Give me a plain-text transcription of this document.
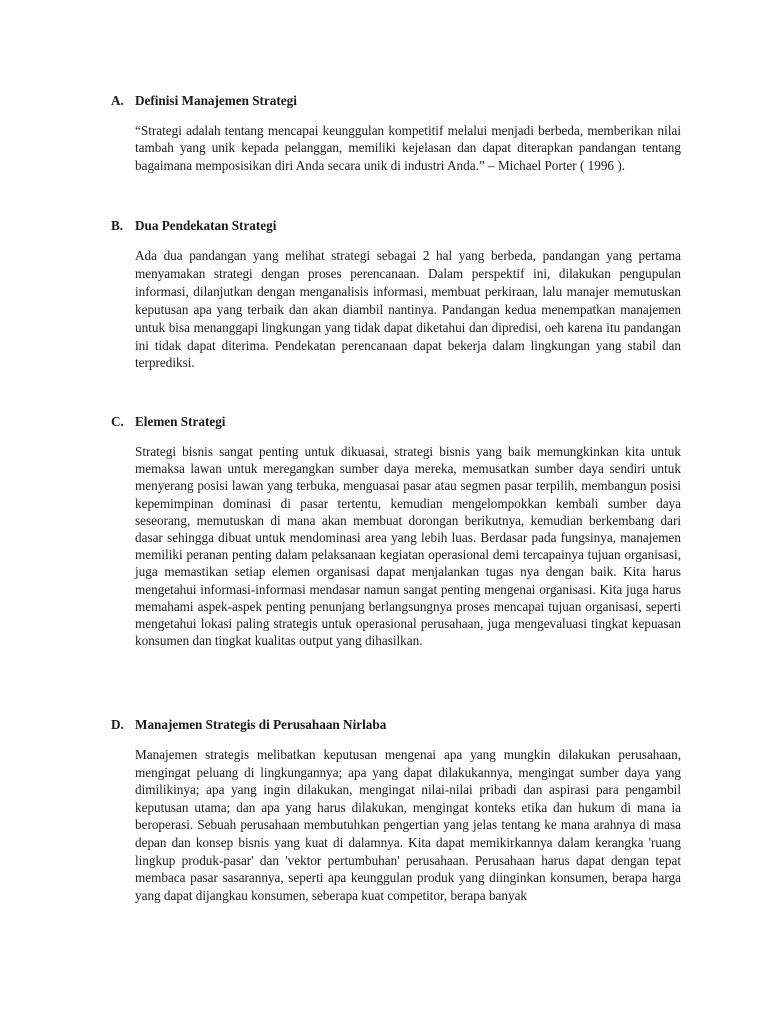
A. Definisi Manajemen Strategi

“Strategi adalah tentang mencapai keunggulan kompetitif melalui menjadi berbeda, memberikan nilai tambah yang unik kepada pelanggan, memiliki kejelasan dan dapat diterapkan pandangan tentang bagaimana memposisikan diri Anda secara unik di industri Anda.” – Michael Porter ( 1996 ).

B. Dua Pendekatan Strategi

Ada dua pandangan yang melihat strategi sebagai 2 hal yang berbeda, pandangan yang pertama menyamakan strategi dengan proses perencanaan. Dalam perspektif ini, dilakukan pengupulan informasi, dilanjutkan dengan menganalisis informasi, membuat perkiraan, lalu manajer memutuskan keputusan apa yang terbaik dan akan diambil nantinya. Pandangan kedua menempatkan manajemen untuk bisa menanggapi lingkungan yang tidak dapat diketahui dan dipredisi, oeh karena itu pandangan ini tidak dapat diterima. Pendekatan perencanaan dapat bekerja dalam lingkungan yang stabil dan terprediksi.

C. Elemen Strategi

Strategi bisnis sangat penting untuk dikuasai, strategi bisnis yang baik memungkinkan kita untuk memaksa lawan untuk meregangkan sumber daya mereka, memusatkan sumber daya sendiri untuk menyerang posisi lawan yang terbuka, menguasai pasar atau segmen pasar terpilih, membangun posisi kepemimpinan dominasi di pasar tertentu, kemudian mengelompokkan kembali sumber daya seseorang, memutuskan di mana akan membuat dorongan berikutnya, kemudian berkembang dari dasar sehingga dibuat untuk mendominasi area yang lebih luas. Berdasar pada fungsinya, manajemen memiliki peranan penting dalam pelaksanaan kegiatan operasional demi tercapainya tujuan organisasi, juga memastikan setiap elemen organisasi dapat menjalankan tugas nya dengan baik. Kita harus mengetahui informasi-informasi mendasar namun sangat penting mengenai organisasi. Kita juga harus memahami aspek-aspek penting penunjang berlangsungnya proses mencapai tujuan organisasi, seperti mengetahui lokasi paling strategis untuk operasional perusahaan, juga mengevaluasi tingkat kepuasan konsumen dan tingkat kualitas output yang dihasilkan.

D. Manajemen Strategis di Perusahaan Nirlaba

Manajemen strategis melibatkan keputusan mengenai apa yang mungkin dilakukan perusahaan, mengingat peluang di lingkungannya; apa yang dapat dilakukannya, mengingat sumber daya yang dimilikinya; apa yang ingin dilakukan, mengingat nilai-nilai pribadi dan aspirasi para pengambil keputusan utama; dan apa yang harus dilakukan, mengingat konteks etika dan hukum di mana ia beroperasi. Sebuah perusahaan membutuhkan pengertian yang jelas tentang ke mana arahnya di masa depan dan konsep bisnis yang kuat di dalamnya. Kita dapat memikirkannya dalam kerangka 'ruang lingkup produk-pasar' dan 'vektor pertumbuhan' perusahaan. Perusahaan harus dapat dengan tepat membaca pasar sasarannya, seperti apa keunggulan produk yang diinginkan konsumen, berapa harga yang dapat dijangkau konsumen, seberapa kuat competitor, berapa banyak
